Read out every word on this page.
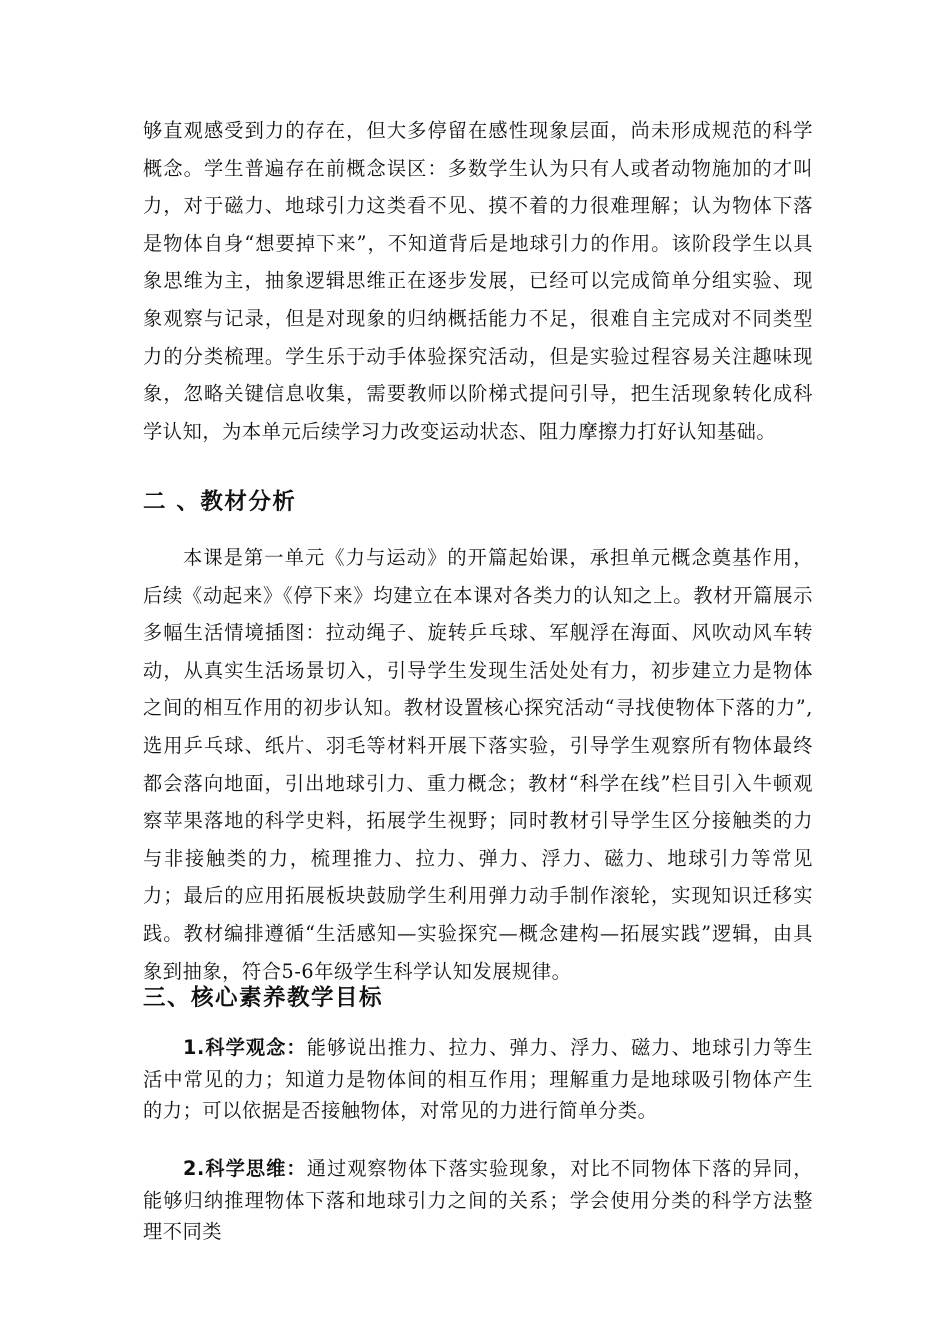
够直观感受到力的存在，但大多停留在感性现象层面，尚未形成规范的科学概念。学生普遍存在前概念误区：多数学生认为只有人或者动物施加的才叫力，对于磁力、地球引力这类看不见、摸不着的力很难理解；认为物体下落是物体自身“想要掉下来”，不知道背后是地球引力的作用。该阶段学生以具象思维为主，抽象逻辑思维正在逐步发展，已经可以完成简单分组实验、现象观察与记录，但是对现象的归纳概括能力不足，很难自主完成对不同类型力的分类梳理。学生乐于动手体验探究活动，但是实验过程容易关注趣味现象，忽略关键信息收集，需要教师以阶梯式提问引导，把生活现象转化成科学认知，为本单元后续学习力改变运动状态、阻力摩擦力打好认知基础。

二 、教材分析

本课是第一单元《力与运动》的开篇起始课，承担单元概念奠基作用，后续《动起来》《停下来》均建立在本课对各类力的认知之上。教材开篇展示多幅生活情境插图：拉动绳子、旋转乒乓球、军舰浮在海面、风吹动风车转动，从真实生活场景切入，引导学生发现生活处处有力，初步建立力是物体之间的相互作用的初步认知。教材设置核心探究活动“寻找使物体下落的力”,选用乒乓球、纸片、羽毛等材料开展下落实验，引导学生观察所有物体最终都会落向地面，引出地球引力、重力概念；教材“科学在线”栏目引入牛顿观察苹果落地的科学史料，拓展学生视野；同时教材引导学生区分接触类的力与非接触类的力，梳理推力、拉力、弹力、浮力、磁力、地球引力等常见力；最后的应用拓展板块鼓励学生利用弹力动手制作滚轮，实现知识迁移实践。教材编排遵循“生活感知—实验探究—概念建构—拓展实践”逻辑，由具象到抽象，符合5-6年级学生科学认知发展规律。

三、核心素养教学目标

1.科学观念：能够说出推力、拉力、弹力、浮力、磁力、地球引力等生活中常见的力；知道力是物体间的相互作用；理解重力是地球吸引物体产生的力；可以依据是否接触物体，对常见的力进行简单分类。

2.科学思维：通过观察物体下落实验现象，对比不同物体下落的异同，能够归纳推理物体下落和地球引力之间的关系；学会使用分类的科学方法整理不同类
